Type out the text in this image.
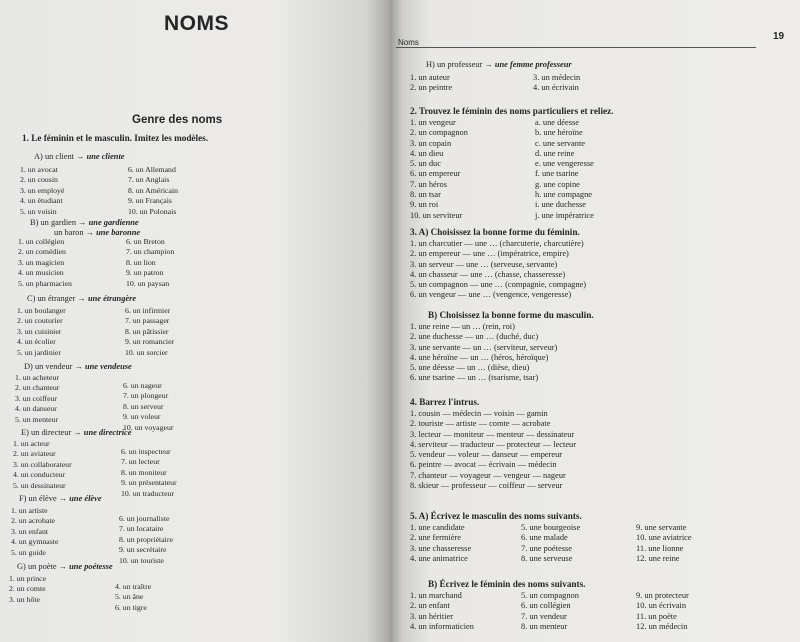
NOMS
Genre des noms
1. Le féminin et le masculin. Imitez les modèles.
A) un client → une cliente
1. un avocat
2. un cousin
3. un employé
4. un étudiant
5. un voisin
6. un Allemand
7. un Anglais
8. un Américain
9. un Français
10. un Polonais
B) un gardien → une gardienne
un baron → une baronne
1. un collégien
2. un comédien
3. un magicien
4. un musicien
5. un pharmacien
6. un Breton
7. un champion
8. un lion
9. un patron
10. un paysan
C) un étranger → une étrangère
1. un boulanger
2. un couturier
3. un cuisinier
4. un écolier
5. un jardinier
6. un infirmier
7. un passager
8. un pâtissier
9. un romancier
10. un sorcier
D) un vendeur → une vendeuse
1. un acheteur
2. un chanteur
3. un coiffeur
4. un danseur
5. un menteur
6. un nageur
7. un plongeur
8. un serveur
9. un voleur
10. un voyageur
E) un directeur → une directrice
1. un acteur
2. un aviateur
3. un collaborateur
4. un conducteur
5. un dessinateur
6. un inspecteur
7. un lecteur
8. un moniteur
9. un présentateur
10. un traducteur
F) un élève → une élève
1. un artiste
2. un acrobate
3. un enfant
4. un gymnaste
5. un guide
6. un journaliste
7. un locataire
8. un propriétaire
9. un secrétaire
10. un touriste
G) un poète → une poétesse
1. un prince
2. un comte
3. un hôte
4. un traître
5. un âne
6. un tigre
Noms
19
H) un professeur → une femme professeur
1. un auteur
2. un peintre
3. un médecin
4. un écrivain
2. Trouvez le féminin des noms particuliers et reliez.
1. un vengeur
2. un compagnon
3. un copain
4. un dieu
5. un duc
6. un empereur
7. un héros
8. un tsar
9. un roi
10. un serviteur
a. une déesse
b. une héroïne
c. une servante
d. une reine
e. une vengeresse
f. une tsarine
g. une copine
h. une compagne
i. une duchesse
j. une impératrice
3. A) Choisissez la bonne forme du féminin.
1. un charcutier — une … (charcuterie, charcutière)
2. un empereur — une … (impératrice, empire)
3. un serveur — une … (serveuse, servante)
4. un chasseur — une … (chasse, chasseresse)
5. un compagnon — une … (compagnie, compagne)
6. un vengeur — une … (vengence, vengeresse)
B) Choisissez la bonne forme du masculin.
1. une reine — un … (rein, roi)
2. une duchesse — un … (duché, duc)
3. une servante — un … (serviteur, serveur)
4. une héroïne — un … (héros, héroïque)
5. une déesse — un … (dièse, dieu)
6. une tsarine — un … (tsarisme, tsar)
4. Barrez l'intrus.
1. cousin — médecin — voisin — gamin
2. touriste — artiste — comte — acrobate
3. lecteur — moniteur — menteur — dessinateur
4. serviteur — traducteur — protecteur — lecteur
5. vendeur — voleur — danseur — empereur
6. peintre — avocat — écrivain — médecin
7. chanteur — voyageur — vengeur — nageur
8. skieur — professeur — coiffeur — serveur
5. A) Écrivez le masculin des noms suivants.
1. une candidate
2. une fermière
3. une chasseresse
4. une animatrice
5. une bourgeoise
6. une malade
7. une poétesse
8. une serveuse
9. une servante
10. une aviatrice
11. une lionne
12. une reine
B) Écrivez le féminin des noms suivants.
1. un marchand
2. un enfant
3. un héritier
4. un informaticien
5. un compagnon
6. un collégien
7. un vendeur
8. un menteur
9. un protecteur
10. un écrivain
11. un poète
12. un médecin
